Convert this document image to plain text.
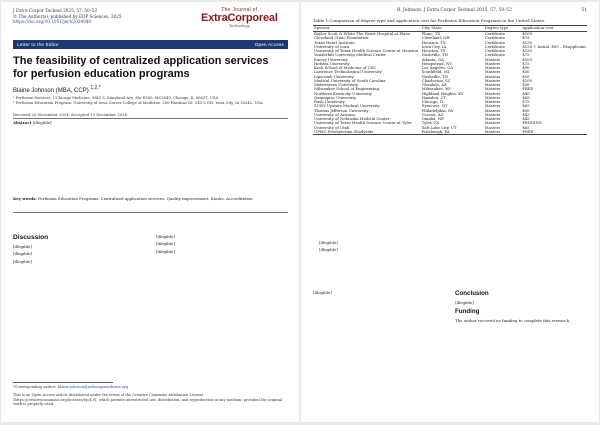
J Extra Corpor Technol 2025, 57, 50–52
© The Author(s), published by EDP Sciences, 2025
https://doi.org/10.1051/ject/2024040
The Journal of
ExtraCorporeal
Technology
Letter to the Editor	Open Access
The feasibility of centralized application services for perfusion education programs
Blaine Johnson (MBA, CCP) $^{1,2,*}$
¹ Perfusion Services, UChicago Medicine, 5841 S. Maryland Ave, Ste E500, MC5040, Chicago, IL 60637, USA
² Perfusion Education Program, University of Iowa Carver College of Medicine, 200 Hawkins Dr, C43-2 GH, Iowa City, IA 52242, USA
Received 26 November 2024, Accepted 13 December 2024
Abstract [illegible]
Key words: Perfusion Education Programs, Centralized application services, Quality improvement, Kiosks, Accreditation
Discussion

[illegible]

[illegible]

[illegible]

[illegible]

[illegible]

[illegible]

*Corresponding author: blaine.johnson@uchicagomedicine.org
This is an Open Access article distributed under the terms of the Creative Commons Attribution License (https://creativecommons.org/licenses/by/4.0), which permits unrestricted use, distribution, and reproduction in any medium, provided the original work is properly cited.
B. Johnson: J Extra Corpor Technol 2025, 57, 50–52	51
Table 1.Comparison of degree type and application cost for Perfusion Education Programs in the United States.
Sponsor	City, State	Degree type	Application cost
Baylor Scott & White The Heart Hospital at Plano	Plano, TX	Certificate	$100
Cleveland Clinic Foundation	Cleveland, OH	Certificate	$75
Texas Heart Institute	Houston, TX	Certificate	$150
University of Iowa	Iowa City, IA	Certificate	$150 + Initial, $50 – Reapplicant
University of Texas Health Science Center at Houston	Houston, TX	Certificate	$150
Vanderbilt University Medical Center	Nashville, TN	Certificate	$75
Emory University	Atlanta, GA	Masters	$100
Hofstra University	Hempstead, NY	Masters	$75
Keck School of Medicine of USC	Los Angeles, CA	Masters	$90
Lawrence Technological University	Southfield, MI	Masters	$50
Lipscomb University	Nashville, TN	Masters	$50
Medical University of South Carolina	Charleston, SC	Masters	$100
Midwestern University	Glendale, AZ	Masters	$50
Milwaukee School of Engineering	Milwaukee, WI	Masters	FREE
Northern Kentucky University	Highland Heights, KY	Masters	$40
Quinnipiac University	Hamden, CT	Masters	$65
Rush University	Chicago, IL	Masters	$75
SUNY Upstate Medical University	Syracuse, NY	Masters	$65
Thomas Jefferson University	Philadelphia, PA	Masters	$50
University of Arizona	Tucson, AZ	Masters	$85
University of Nebraska Medical Center	Omaha, NE	Masters	$45
University of Texas Health Science Center at Tyler	Tyler, TX	Masters	PENDING
University of Utah	Salt Lake City, UT	Masters	$65
UPMC Presbyterian Shadyside	Pittsburgh, PA	Masters	FREE

[illegible]

[illegible]

[illegible]	Conclusion

[illegible]

Funding

The author received no funding to complete this research.
